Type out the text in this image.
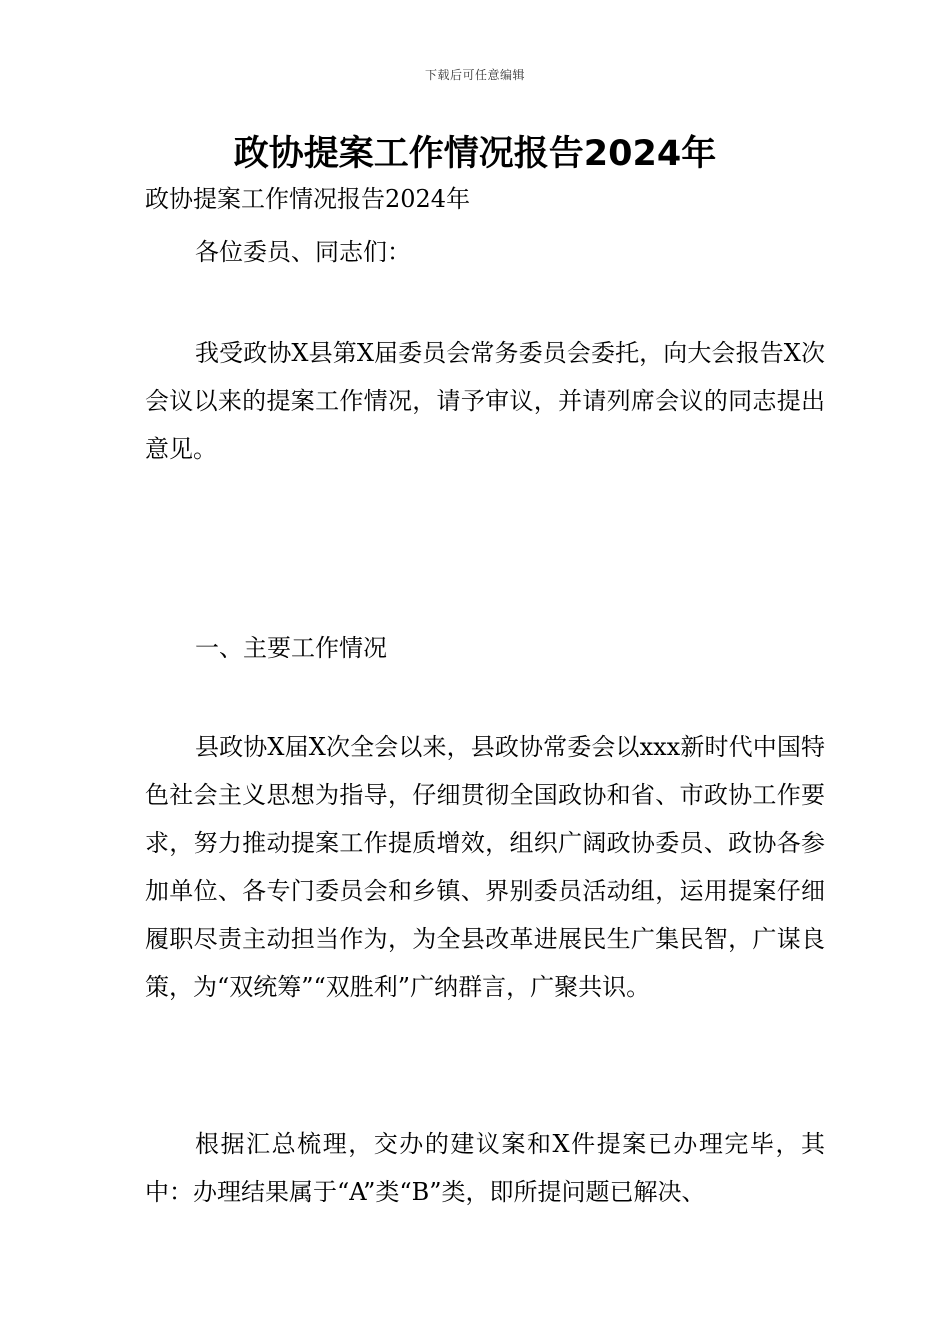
下载后可任意编辑
政协提案工作情况报告2024年

政协提案工作情况报告2024年

各位委员、同志们：

我受政协X县第X届委员会常务委员会委托，向大会报告X次会议以来的提案工作情况，请予审议，并请列席会议的同志提出意见。

一、主要工作情况

县政协X届X次全会以来，县政协常委会以xxx新时代中国特色社会主义思想为指导，仔细贯彻全国政协和省、市政协工作要求，努力推动提案工作提质增效，组织广阔政协委员、政协各参加单位、各专门委员会和乡镇、界别委员活动组，运用提案仔细履职尽责主动担当作为，为全县改革进展民生广集民智，广谋良策，为“双统筹”“双胜利”广纳群言，广聚共识。

根据汇总梳理，交办的建议案和X件提案已办理完毕，其中：办理结果属于“A”类“B”类，即所提问题已解决、
